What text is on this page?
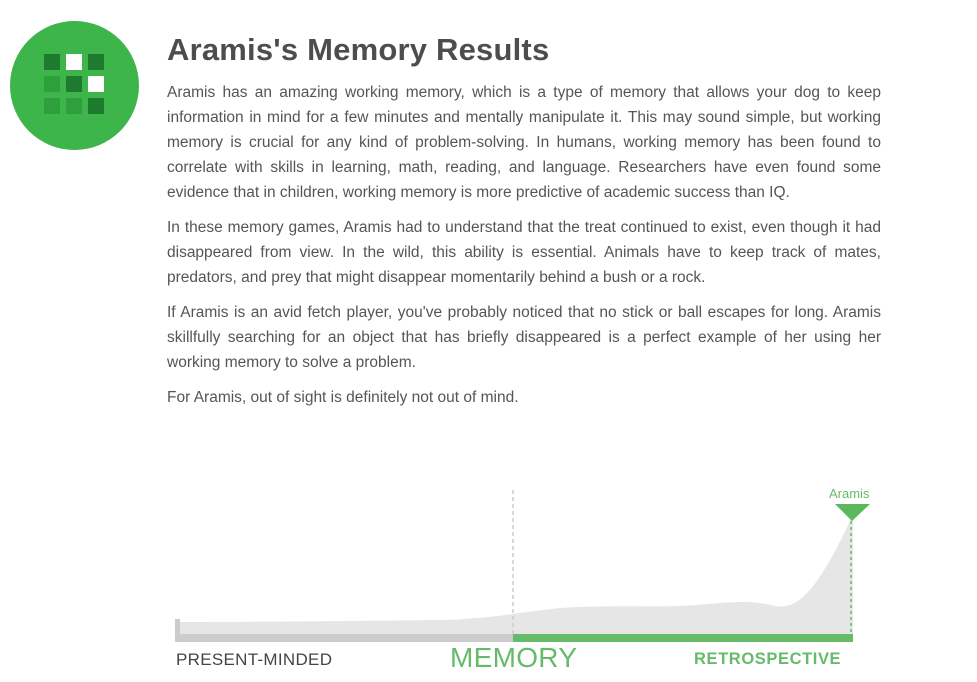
Aramis's Memory Results

Aramis has an amazing working memory, which is a type of memory that allows your dog to keep information in mind for a few minutes and mentally manipulate it. This may sound simple, but working memory is crucial for any kind of problem-solving. In humans, working memory has been found to correlate with skills in learning, math, reading, and language. Researchers have even found some evidence that in children, working memory is more predictive of academic success than IQ.

In these memory games, Aramis had to understand that the treat continued to exist, even though it had disappeared from view. In the wild, this ability is essential. Animals have to keep track of mates, predators, and prey that might disappear momentarily behind a bush or a rock.

If Aramis is an avid fetch player, you've probably noticed that no stick or ball escapes for long. Aramis skillfully searching for an object that has briefly disappeared is a perfect example of her using her working memory to solve a problem.

For Aramis, out of sight is definitely not out of mind.

Aramis
PRESENT-MINDED	MEMORY	RETROSPECTIVE
